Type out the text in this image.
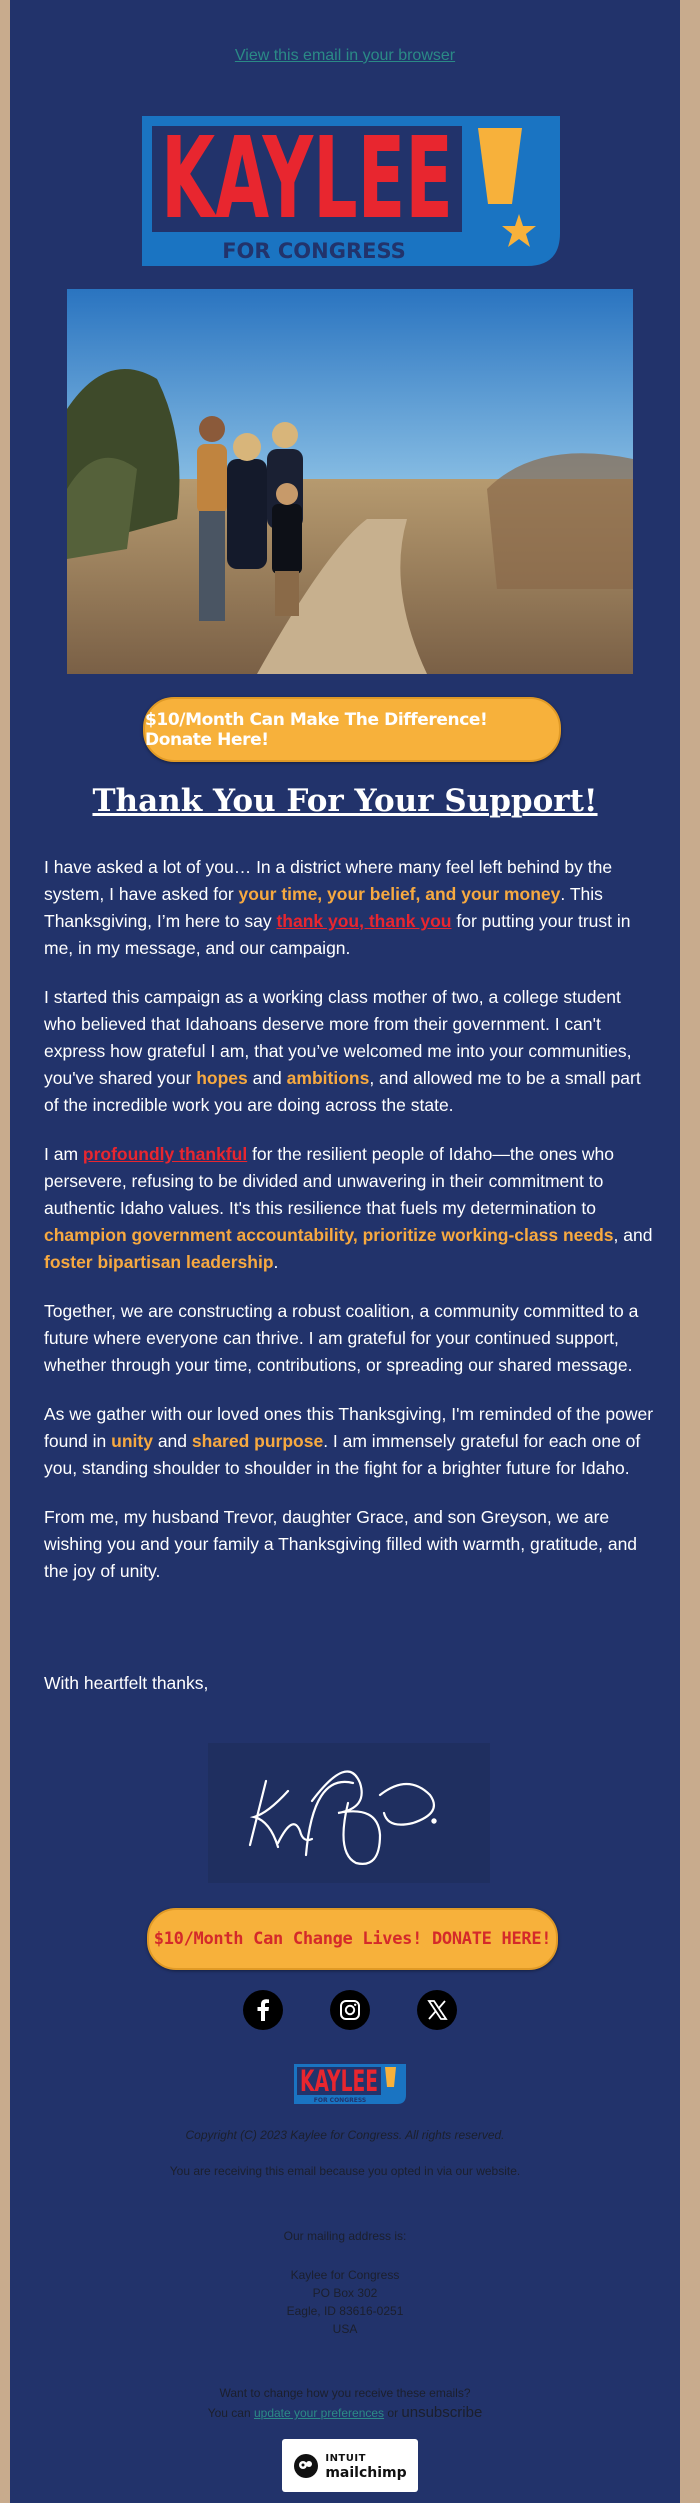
View this email in your browser
KAYLEE
FOR CONGRESS
$10/Month Can Make The Difference! Donate Here!
Thank You For Your Support!

I have asked a lot of you… In a district where many feel left behind by the system, I have asked for your time, your belief, and your money. This Thanksgiving, I’m here to say thank you, thank you for putting your trust in me, in my message, and our campaign.

I started this campaign as a working class mother of two, a college student who believed that Idahoans deserve more from their government. I can't express how grateful I am, that you’ve welcomed me into your communities, you've shared your hopes and ambitions, and allowed me to be a small part of the incredible work you are doing across the state.

I am profoundly thankful for the resilient people of Idaho—the ones who persevere, refusing to be divided and unwavering in their commitment to authentic Idaho values. It's this resilience that fuels my determination to champion government accountability, prioritize working-class needs, and foster bipartisan leadership.

Together, we are constructing a robust coalition, a community committed to a future where everyone can thrive. I am grateful for your continued support, whether through your time, contributions, or spreading our shared message.

As we gather with our loved ones this Thanksgiving, I'm reminded of the power found in unity and shared purpose. I am immensely grateful for each one of you, standing shoulder to shoulder in the fight for a brighter future for Idaho.

From me, my husband Trevor, daughter Grace, and son Greyson, we are wishing you and your family a Thanksgiving filled with warmth, gratitude, and the joy of unity.

With heartfelt thanks,
$10/Month Can Change Lives! DONATE HERE!
KAYLEE
FOR CONGRESS
Copyright (C) 2023 Kaylee for Congress. All rights reserved.
You are receiving this email because you opted in via our website.
Our mailing address is:
Kaylee for Congress
PO Box 302
Eagle, ID 83616-0251
USA
Want to change how you receive these emails?
You can update your preferences or unsubscribe
INTUIT
mailchimp
